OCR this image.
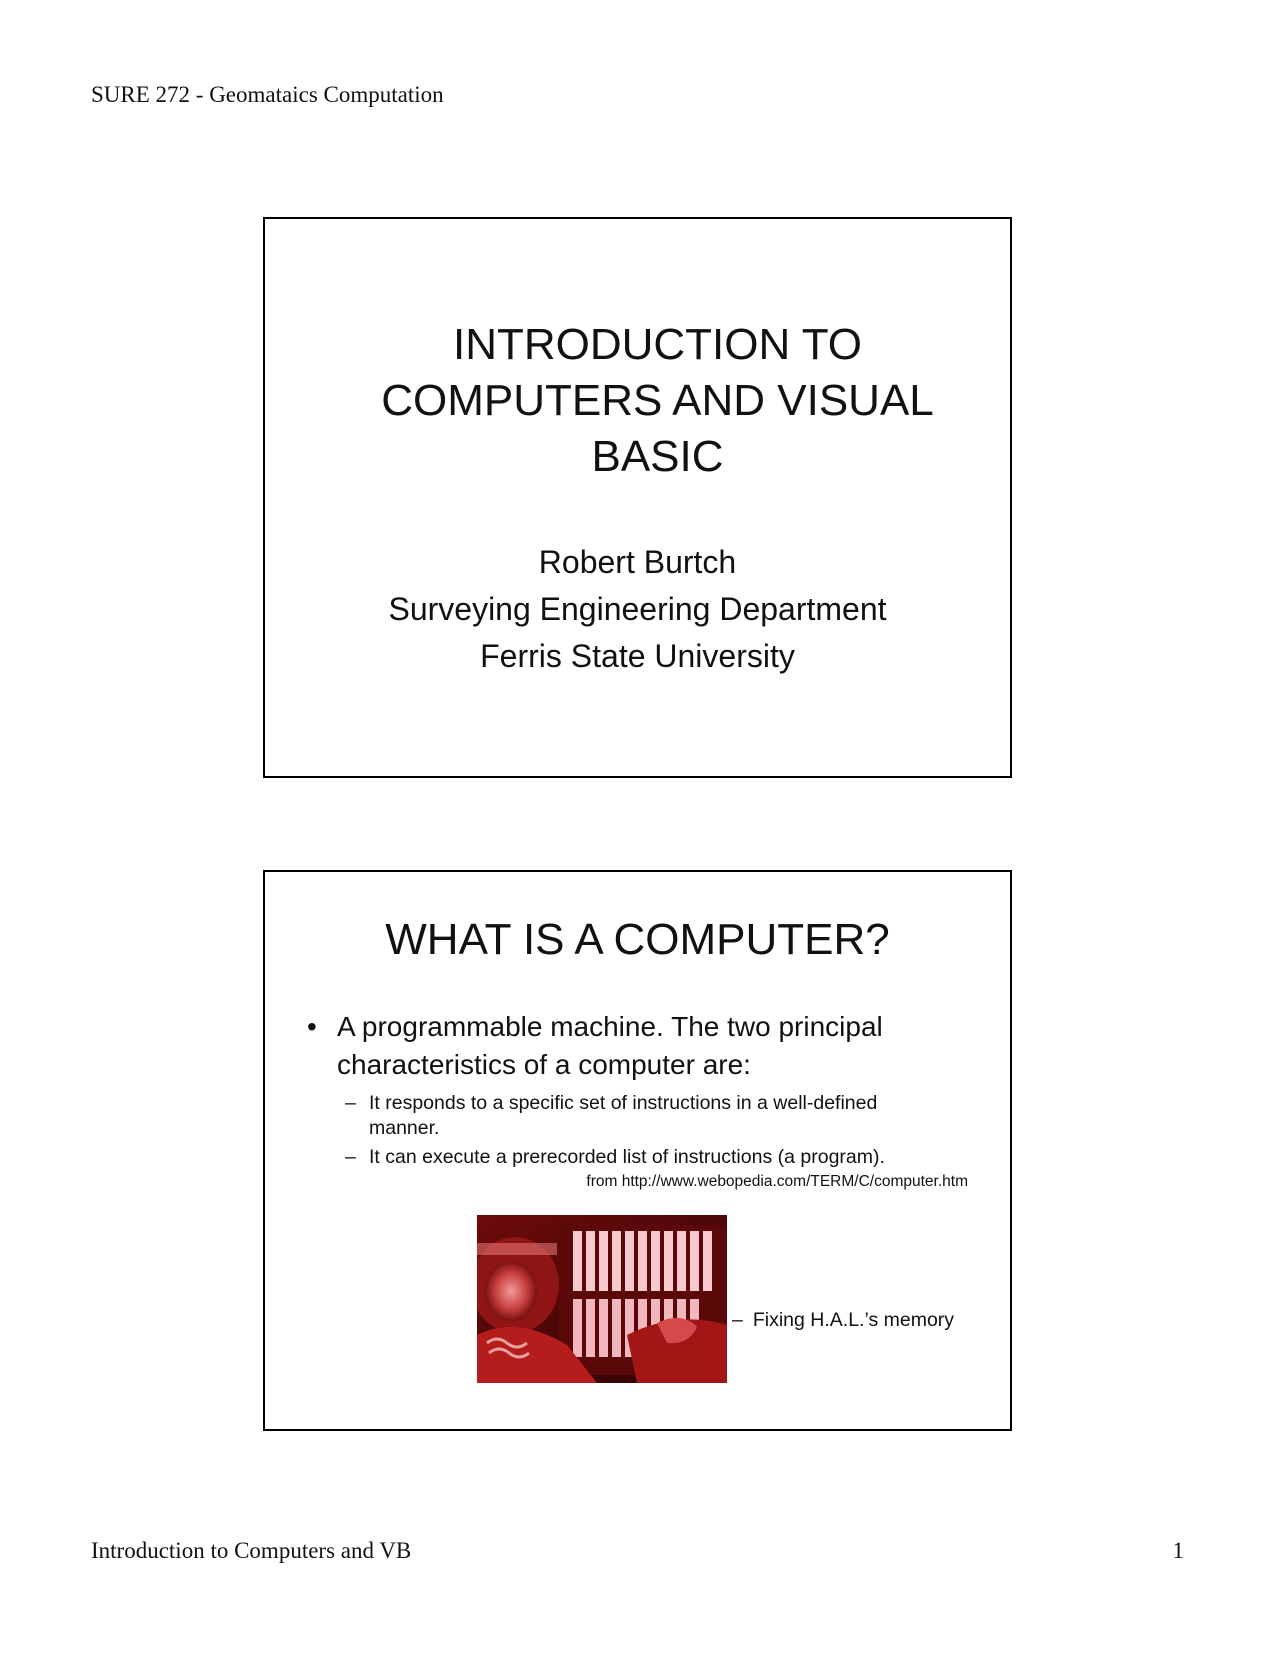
SURE 272 - Geomataics Computation
INTRODUCTION TO
COMPUTERS AND VISUAL
BASIC
Robert Burtch
Surveying Engineering Department
Ferris State University
WHAT IS A COMPUTER?
• A programmable machine. The two principal characteristics of a computer are:
– It responds to a specific set of instructions in a well-defined manner.
– It can execute a prerecorded list of instructions (a program).
from http://www.webopedia.com/TERM/C/computer.htm
– Fixing H.A.L.’s memory
Introduction to Computers and VB	1
